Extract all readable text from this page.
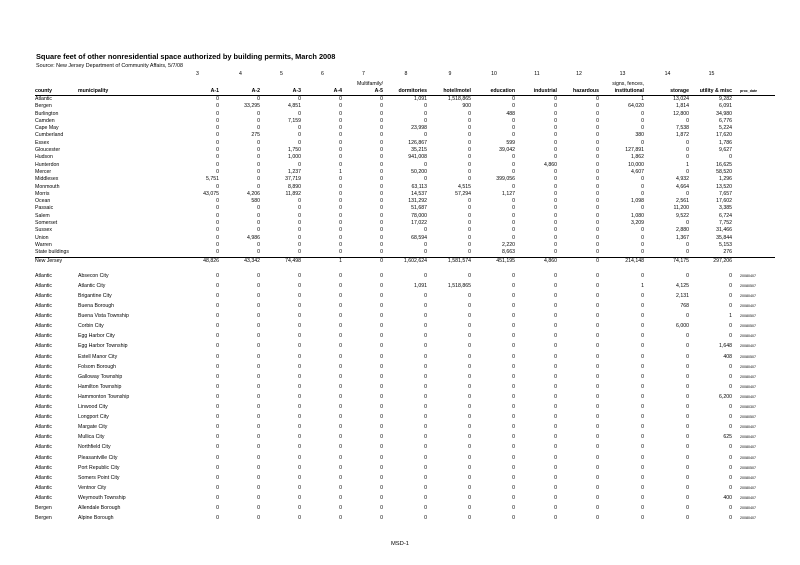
Square feet of other nonresidential space authorized by building permits, March 2008
Source: New Jersey Department of Community Affairs, 5/7/08
		3	4	5	6	7	8	9	10	11	12	13	14	15	
						Multifamily/						signs, fences,			
county	municipality	A-1	A-2	A-3	A-4	A-5	dormitories	hotel/motel	education	industrial	hazardous	institutional	storage	utility & misc	proc_date
Atlantic		0	0	0	0	0	1,091	1,518,865	0	0	0	1	13,024	9,282	
Bergen		0	33,295	4,851	0	0	0	900	0	0	0	64,020	1,814	6,091	
Burlington		0	0	0	0	0	0	0	488	0	0	0	12,800	34,980	
Camden		0	0	7,159	0	0	0	0	0	0	0	0	0	6,776	
Cape May		0	0	0	0	0	23,998	0	0	0	0	0	7,538	5,224	
Cumberland		0	275	0	0	0	0	0	0	0	0	380	1,872	17,620	
Essex		0	0	0	0	0	126,867	0	599	0	0	0	0	1,786	
Gloucester		0	0	1,750	0	0	35,215	0	39,042	0	0	127,891	0	9,627	
Hudson		0	0	1,000	0	0	941,008	0	0	0	0	1,862	0	0	
Hunterdon		0	0	0	0	0	0	0	0	4,860	0	10,000	1	16,625	
Mercer		0	0	1,237	1	0	50,200	0	0	0	0	4,607	0	58,520	
Middlesex		5,751	0	37,719	0	0	0	0	399,056	0	0	0	4,932	1,296	
Monmouth		0	0	8,890	0	0	63,113	4,515	0	0	0	0	4,664	13,520	
Morris		43,075	4,206	11,892	0	0	14,537	57,294	1,127	0	0	0	0	7,657	
Ocean		0	580	0	0	0	131,292	0	0	0	0	1,098	2,561	17,602	
Passaic		0	0	0	0	0	51,687	0	0	0	0	0	11,200	3,385	
Salem		0	0	0	0	0	78,000	0	0	0	0	1,080	9,522	6,724	
Somerset		0	0	0	0	0	17,022	0	0	0	0	3,209	0	7,752	
Sussex		0	0	0	0	0	0	0	0	0	0	0	2,880	31,466	
Union		0	4,986	0	0	0	68,594	0	0	0	0	0	1,367	35,844	
Warren		0	0	0	0	0	0	0	2,220	0	0	0	0	5,153	
State buildings		0	0	0	0	0	0	0	8,663	0	0	0	0	276	
New Jersey		48,826	43,342	74,498	1	0	1,602,624	1,581,574	451,195	4,860	0	214,148	74,175	297,206	

Atlantic	Absecon City	0	0	0	0	0	0	0	0	0	0	0	0	0	20080407
Atlantic	Atlantic City	0	0	0	0	0	1,091	1,518,865	0	0	0	1	4,125	0	20080507
Atlantic	Brigantine City	0	0	0	0	0	0	0	0	0	0	0	2,131	0	20080407
Atlantic	Buena Borough	0	0	0	0	0	0	0	0	0	0	0	768	0	20080407
Atlantic	Buena Vista Township	0	0	0	0	0	0	0	0	0	0	0	0	1	20080507
Atlantic	Corbin City	0	0	0	0	0	0	0	0	0	0	0	6,000	0	20080507
Atlantic	Egg Harbor City	0	0	0	0	0	0	0	0	0	0	0	0	0	20080407
Atlantic	Egg Harbor Township	0	0	0	0	0	0	0	0	0	0	0	0	1,648	20080407
Atlantic	Estell Manor City	0	0	0	0	0	0	0	0	0	0	0	0	408	20080507
Atlantic	Folsom Borough	0	0	0	0	0	0	0	0	0	0	0	0	0	20080407
Atlantic	Galloway Township	0	0	0	0	0	0	0	0	0	0	0	0	0	20080407
Atlantic	Hamilton Township	0	0	0	0	0	0	0	0	0	0	0	0	0	20080407
Atlantic	Hammonton Township	0	0	0	0	0	0	0	0	0	0	0	0	6,200	20080407
Atlantic	Linwood City	0	0	0	0	0	0	0	0	0	0	0	0	0	20080307
Atlantic	Longport City	0	0	0	0	0	0	0	0	0	0	0	0	0	20080507
Atlantic	Margate City	0	0	0	0	0	0	0	0	0	0	0	0	0	20080407
Atlantic	Mullica City	0	0	0	0	0	0	0	0	0	0	0	0	625	20080407
Atlantic	Northfield City	0	0	0	0	0	0	0	0	0	0	0	0	0	20080407
Atlantic	Pleasantville City	0	0	0	0	0	0	0	0	0	0	0	0	0	20080407
Atlantic	Port Republic City	0	0	0	0	0	0	0	0	0	0	0	0	0	20080507
Atlantic	Somers Point City	0	0	0	0	0	0	0	0	0	0	0	0	0	20080407
Atlantic	Ventnor City	0	0	0	0	0	0	0	0	0	0	0	0	0	20080407
Atlantic	Weymouth Township	0	0	0	0	0	0	0	0	0	0	0	0	400	20080407
Bergen	Allendale Borough	0	0	0	0	0	0	0	0	0	0	0	0	0	20080407
Bergen	Alpine Borough	0	0	0	0	0	0	0	0	0	0	0	0	0	20080407
MSD-1
